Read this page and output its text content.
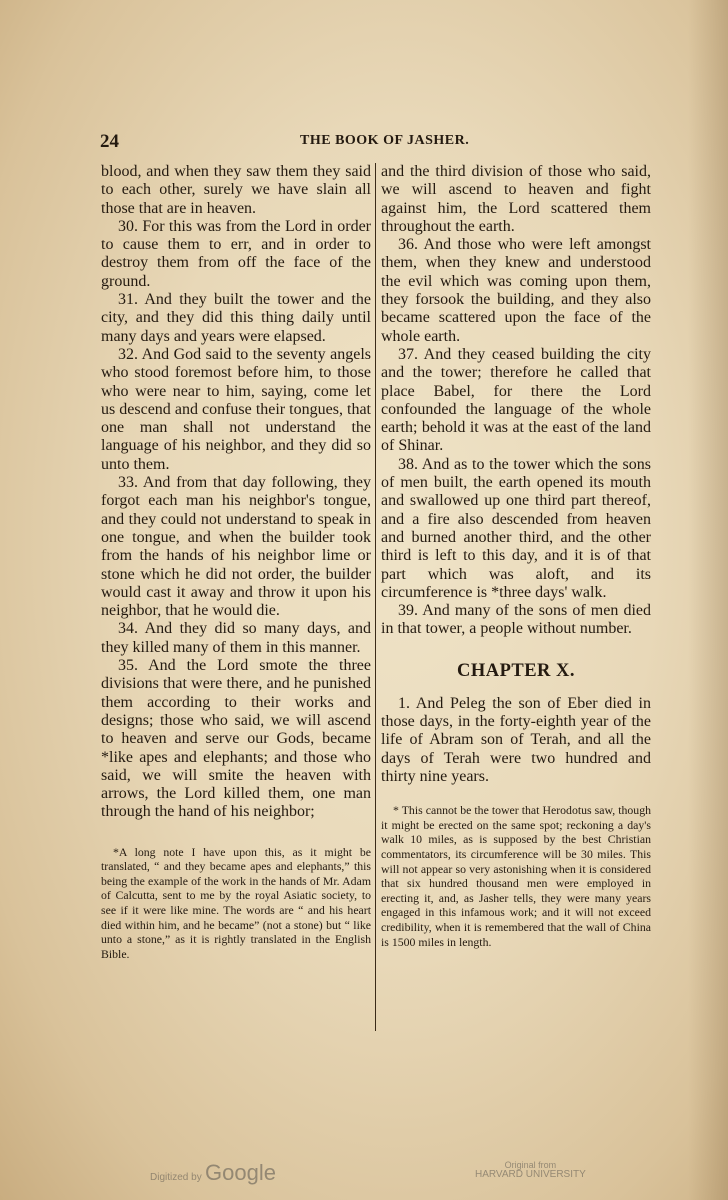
24	THE BOOK OF JASHER.

blood, and when they saw them they said to each other, surely we have slain all those that are in heaven.

30. For this was from the Lord in order to cause them to err, and in order to destroy them from off the face of the ground.

31. And they built the tower and the city, and they did this thing daily until many days and years were elapsed.

32. And God said to the seventy angels who stood foremost before him, to those who were near to him, saying, come let us descend and confuse their tongues, that one man shall not understand the language of his neighbor, and they did so unto them.

33. And from that day following, they forgot each man his neighbor's tongue, and they could not understand to speak in one tongue, and when the builder took from the hands of his neighbor lime or stone which he did not order, the builder would cast it away and throw it upon his neighbor, that he would die.

34. And they did so many days, and they killed many of them in this manner.

35. And the Lord smote the three divisions that were there, and he punished them according to their works and designs; those who said, we will ascend to heaven and serve our Gods, became *like apes and elephants; and those who said, we will smite the heaven with arrows, the Lord killed them, one man through the hand of his neighbor;

*A long note I have upon this, as it might be translated, “ and they became apes and elephants,” this being the example of the work in the hands of Mr. Adam of Calcutta, sent to me by the royal Asiatic society, to see if it were like mine. The words are “ and his heart died within him, and he became” (not a stone) but “ like unto a stone,” as it is rightly translated in the English Bible.

and the third division of those who said, we will ascend to heaven and fight against him, the Lord scattered them throughout the earth.

36. And those who were left amongst them, when they knew and understood the evil which was coming upon them, they forsook the building, and they also became scattered upon the face of the whole earth.

37. And they ceased building the city and the tower; therefore he called that place Babel, for there the Lord confounded the language of the whole earth; behold it was at the east of the land of Shinar.

38. And as to the tower which the sons of men built, the earth opened its mouth and swallowed up one third part thereof, and a fire also descended from heaven and burned another third, and the other third is left to this day, and it is of that part which was aloft, and its circumference is *three days' walk.

39. And many of the sons of men died in that tower, a people without number.

CHAPTER X.

1. And Peleg the son of Eber died in those days, in the forty-eighth year of the life of Abram son of Terah, and all the days of Terah were two hundred and thirty nine years.

* This cannot be the tower that Herodotus saw, though it might be erected on the same spot; reckoning a day's walk 10 miles, as is supposed by the best Christian commentators, its circumference will be 30 miles. This will not appear so very astonishing when it is considered that six hundred thousand men were employed in erecting it, and, as Jasher tells, they were many years engaged in this infamous work; and it will not exceed credibility, when it is remembered that the wall of China is 1500 miles in length.

Digitized by Google	Original from
HARVARD UNIVERSITY
